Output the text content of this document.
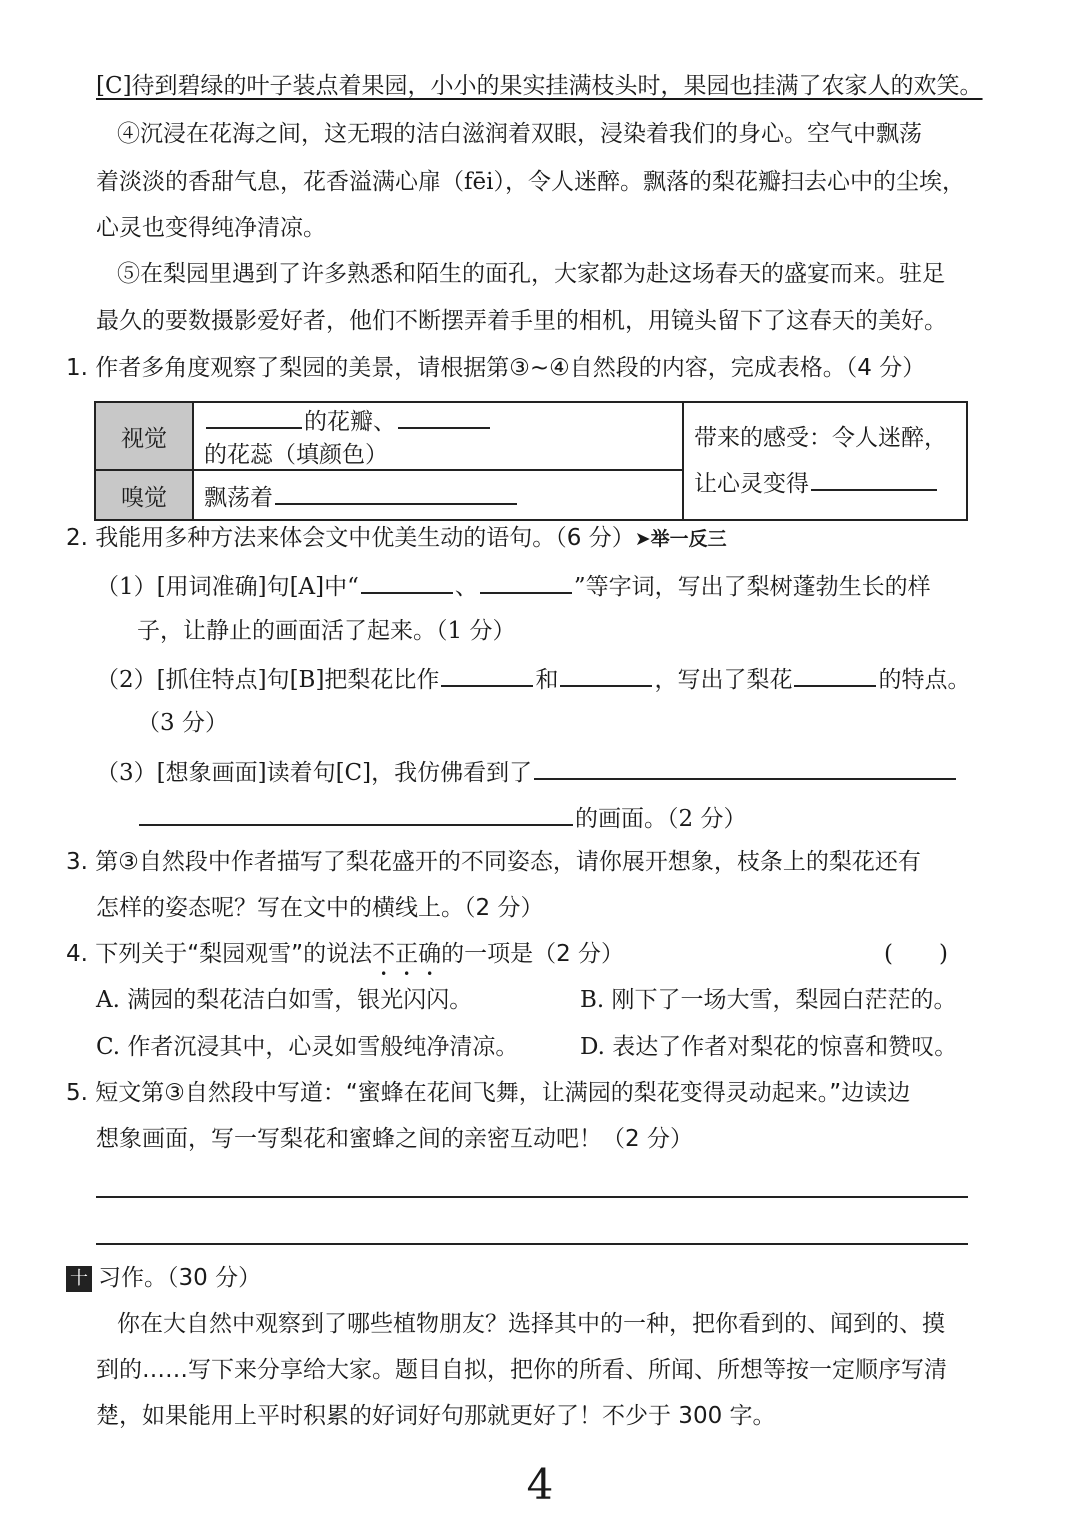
[C]待到碧绿的叶子装点着果园，小小的果实挂满枝头时，果园也挂满了农家人的欢笑。
④沉浸在花海之间，这无瑕的洁白滋润着双眼，浸染着我们的身心。空气中飘荡
着淡淡的香甜气息，花香溢满心扉（fēi），令人迷醉。飘落的梨花瓣扫去心中的尘埃，
心灵也变得纯净清凉。
⑤在梨园里遇到了许多熟悉和陌生的面孔，大家都为赴这场春天的盛宴而来。驻足
最久的要数摄影爱好者，他们不断摆弄着手里的相机，用镜头留下了这春天的美好。
1. 作者多角度观察了梨园的美景，请根据第③~④自然段的内容，完成表格。（4 分）
视觉	的花瓣、的花蕊（填颜色）	带来的感受：令人迷醉，
让心灵变得

嗅觉	飘荡着	
2. 我能用多种方法来体会文中优美生动的语句。（6 分）➤举一反三
（1）[用词准确]句[A]中“	、	”等字词，写出了梨树蓬勃生长的样
子，让静止的画面活了起来。（1 分）
（2）[抓住特点]句[B]把梨花比作	和	，写出了梨花	的特点。
（3 分）
（3）[想象画面]读着句[C]，我仿佛看到了
的画面。（2 分）
3. 第③自然段中作者描写了梨花盛开的不同姿态，请你展开想象，枝条上的梨花还有
怎样的姿态呢？写在文中的横线上。（2 分）
4. 下列关于“梨园观雪”的说法不正确的一项是（2 分）	(　　)
A. 满园的梨花洁白如雪，银光闪闪。	B. 刚下了一场大雪，梨园白茫茫的。
C. 作者沉浸其中，心灵如雪般纯净清凉。	D. 表达了作者对梨花的惊喜和赞叹。
5. 短文第③自然段中写道：“蜜蜂在花间飞舞，让满园的梨花变得灵动起来。”边读边
想象画面，写一写梨花和蜜蜂之间的亲密互动吧！（2 分）
十 习作。（30 分）
你在大自然中观察到了哪些植物朋友？选择其中的一种，把你看到的、闻到的、摸
到的……写下来分享给大家。题目自拟，把你的所看、所闻、所想等按一定顺序写清
楚，如果能用上平时积累的好词好句那就更好了！不少于 300 字。
4
